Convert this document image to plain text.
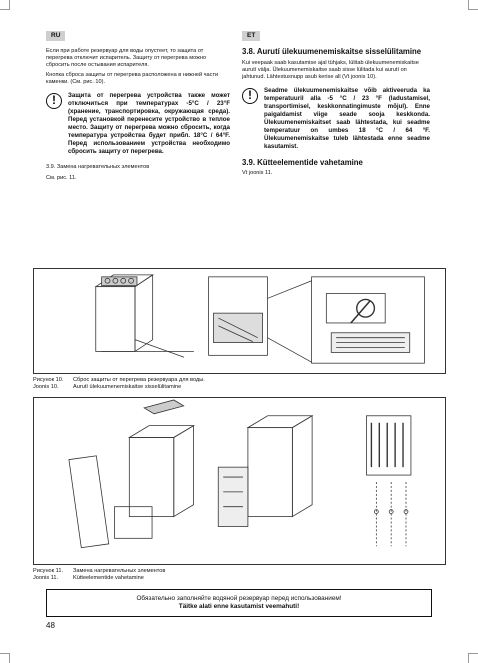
RU	ET

Если при работе резервуар для воды опустеет, то защита от перегрева отключит испаритель. Защиту от перегрева можно сбросить после остывания испарителя.

Кнопка сброса защиты от перегрева расположена в нижней части каменки. (См. рис. 10).

!	Защита от перегрева устройства также может отключиться при температурах -5°C / 23°F (хранение, транспортировка, окружающая среда). Перед установкой перенесите устройство в теплое место. Защиту от перегрева можно сбросить, когда температура устройства будет прибл. 18°C / 64°F. Перед использованием устройства необходимо сбросить защиту от перегрева.

3.9. Замена нагревательных элементов

См. рис. 11.

3.8. Aurutí ülekuumenemiskaitse sisselülitamine

Kui veepaak saab kasutamise ajal tühjaks, lülitab ülekuumenemiskaitse aurutí välja. Ülekuumenemiskaitse saab sisse lülitada kui aurutí on jahtunud. Lähtestusnupp asub kerise all (Vt joonis 10).

!	Seadme ülekuumenemiskaitse võib aktiveeruda ka temperatuuril alla -5 °C / 23 °F (ladustamisel, transportimisel, keskkonnatingimuste mõjul). Enne paigaldamist viige seade sooja keskkonda. Ülekuumenemiskaitset saab lähtestada, kui seadme temperatuur on umbes 18 °C / 64 °F. Ülekuumenemiskaitse tuleb lähtestada enne seadme kasutamist.
3.9. Kütteelementide vahetamine

Vt joonis 11.

Рисунок 10. Сброс защиты от перегрева резервуара для воды.
Joonis 10.	Aurutí ülekuumenemiskaitse sisselülitamine
Рисунок 11. Замена нагревательных элементов
Joonis 11.	Kütteelementide vahetamine
Обязательно заполняйте водяной резервуар перед использованием!
Täitke alati enne kasutamist veemahuti!
48
